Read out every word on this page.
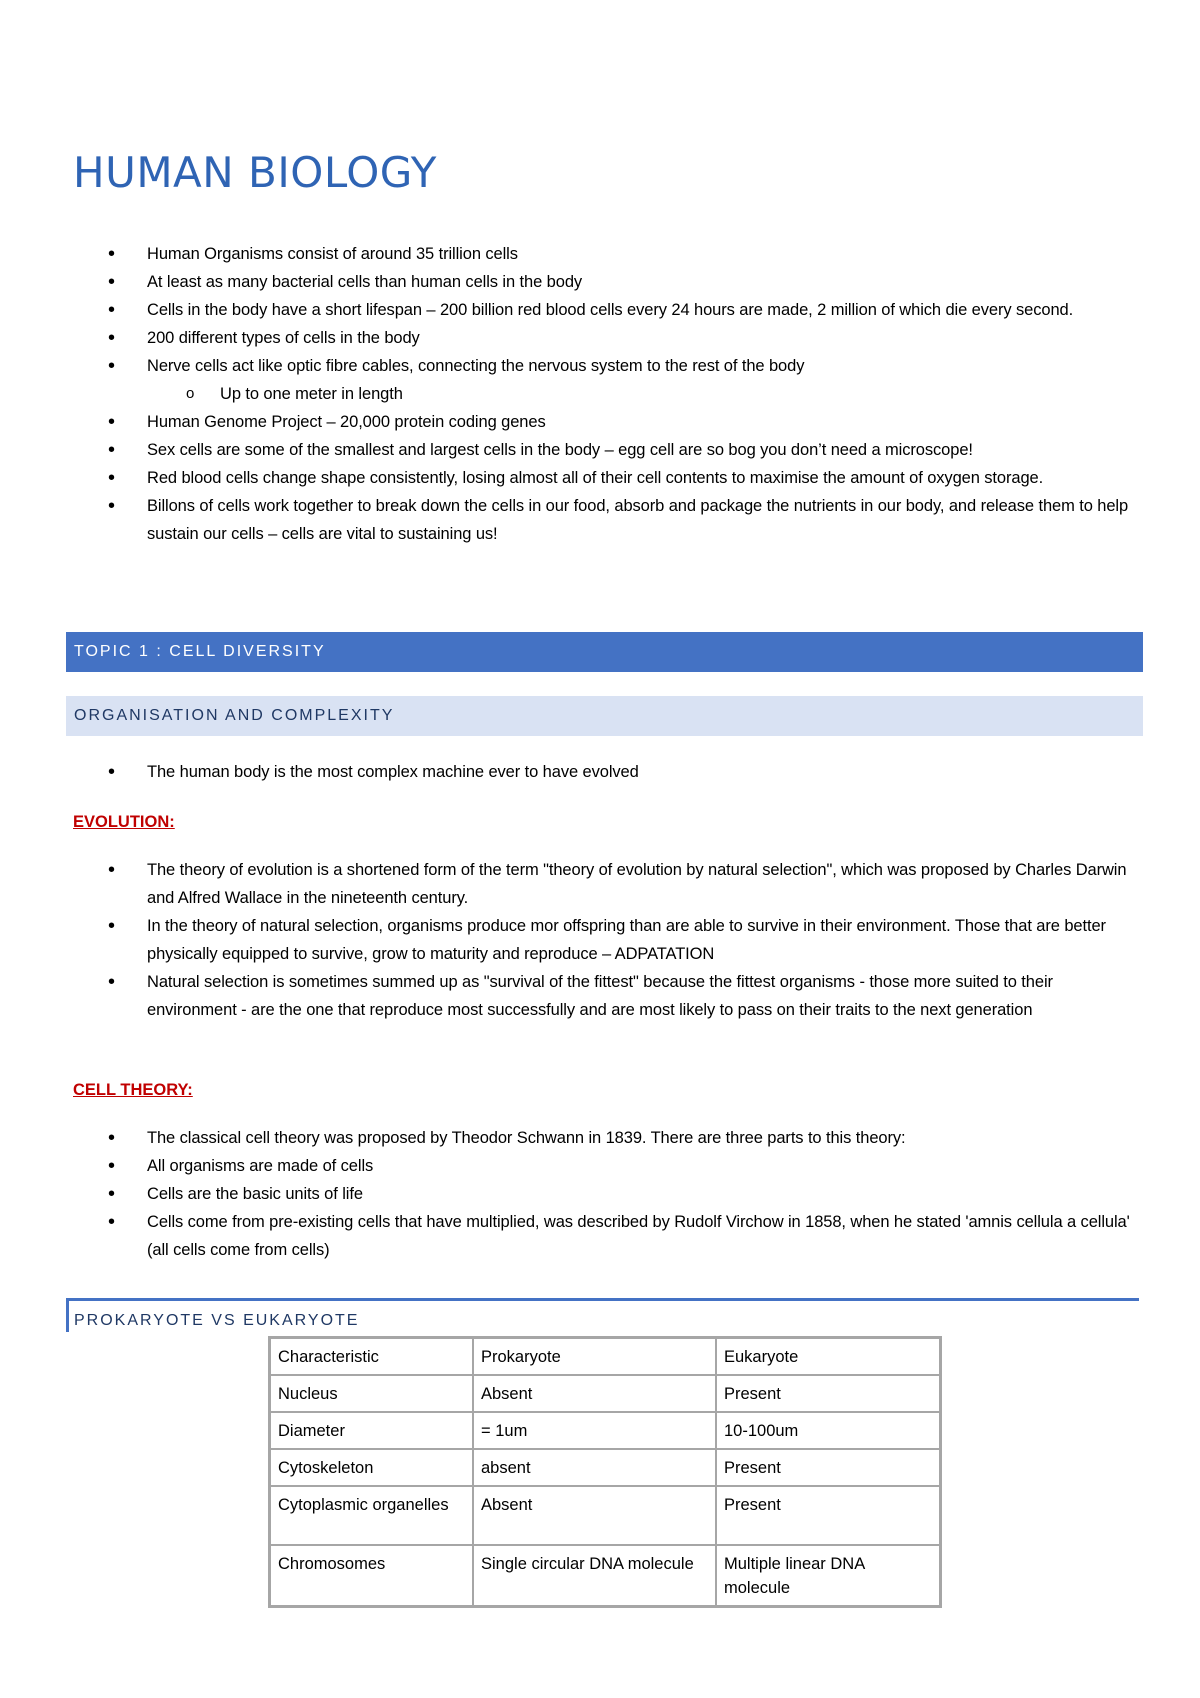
HUMAN BIOLOGY
• Human Organisms consist of around 35 trillion cells
• At least as many bacterial cells than human cells in the body
• Cells in the body have a short lifespan – 200 billion red blood cells every 24 hours are made, 2 million of which die every second.
• 200 different types of cells in the body
• Nerve cells act like optic fibre cables, connecting the nervous system to the rest of the body
o Up to one meter in length
• Human Genome Project – 20,000 protein coding genes
• Sex cells are some of the smallest and largest cells in the body – egg cell are so bog you don’t need a microscope!
• Red blood cells change shape consistently, losing almost all of their cell contents to maximise the amount of oxygen storage.
• Billons of cells work together to break down the cells in our food, absorb and package the nutrients in our body, and release them to help sustain our cells – cells are vital to sustaining us!
TOPIC 1 : CELL DIVERSITY
ORGANISATION AND COMPLEXITY
• The human body is the most complex machine ever to have evolved
EVOLUTION:
• The theory of evolution is a shortened form of the term "theory of evolution by natural selection", which was proposed by Charles Darwin and Alfred Wallace in the nineteenth century.
• In the theory of natural selection, organisms produce mor offspring than are able to survive in their environment. Those that are better physically equipped to survive, grow to maturity and reproduce – ADPATATION
• Natural selection is sometimes summed up as "survival of the fittest" because the fittest organisms - those more suited to their environment - are the one that reproduce most successfully and are most likely to pass on their traits to the next generation
CELL THEORY:
• The classical cell theory was proposed by Theodor Schwann in 1839. There are three parts to this theory:
• All organisms are made of cells
• Cells are the basic units of life
• Cells come from pre-existing cells that have multiplied, was described by Rudolf Virchow in 1858, when he stated 'amnis cellula a cellula' (all cells come from cells)
PROKARYOTE VS EUKARYOTE
Characteristic	Prokaryote	Eukaryote
Nucleus	Absent	Present
Diameter	= 1um	10-100um
Cytoskeleton	absent	Present
Cytoplasmic organelles	Absent	Present
Chromosomes	Single circular DNA molecule	Multiple linear DNA molecule
